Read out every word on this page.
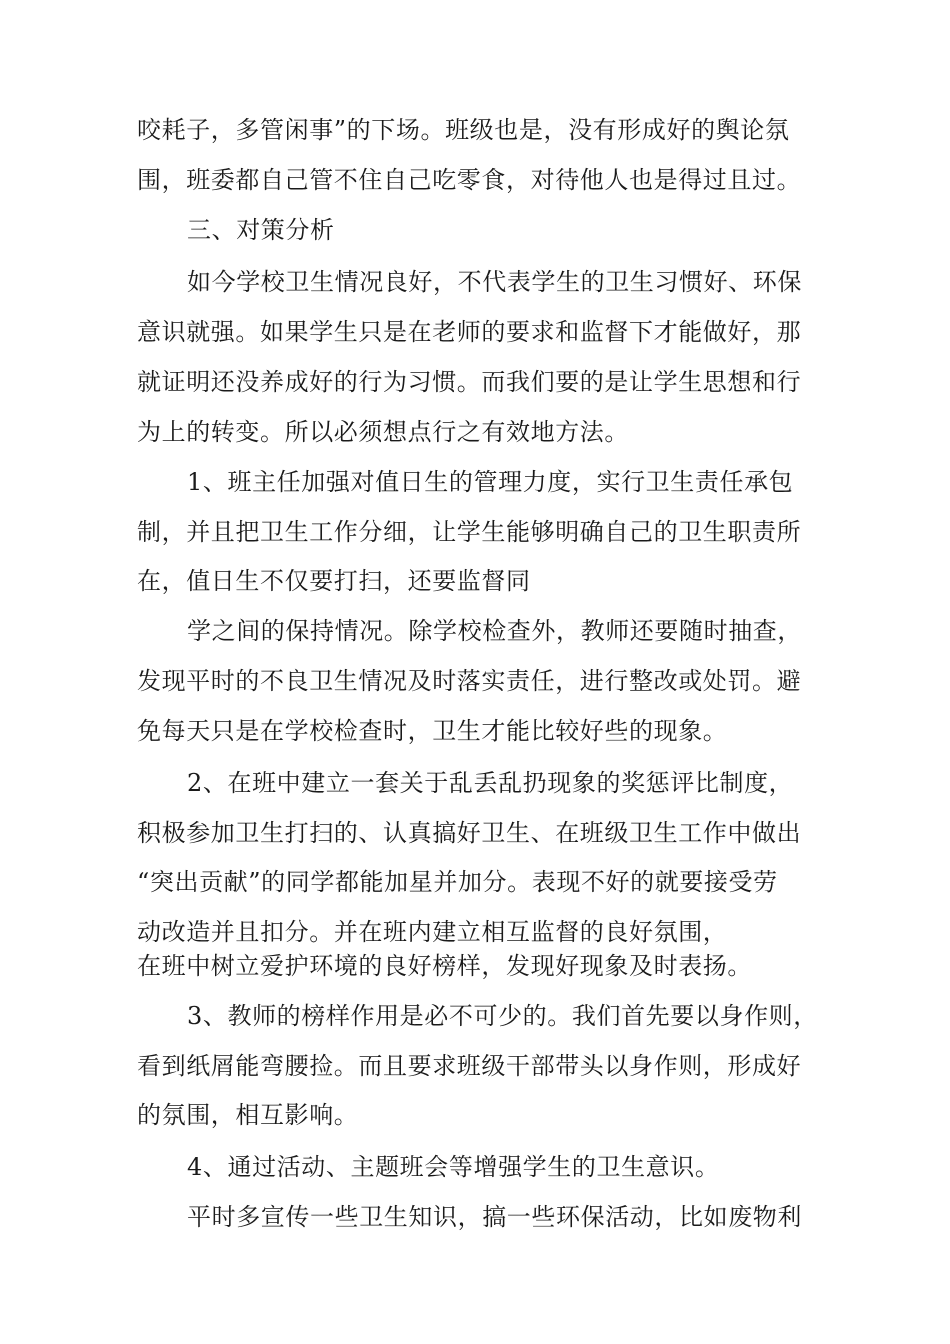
咬耗子，多管闲事”的下场。班级也是，没有形成好的舆论氛
围，班委都自己管不住自己吃零食，对待他人也是得过且过。
三、对策分析
如今学校卫生情况良好，不代表学生的卫生习惯好、环保
意识就强。如果学生只是在老师的要求和监督下才能做好，那
就证明还没养成好的行为习惯。而我们要的是让学生思想和行
为上的转变。所以必须想点行之有效地方法。
1、班主任加强对值日生的管理力度，实行卫生责任承包
制，并且把卫生工作分细，让学生能够明确自己的卫生职责所
在，值日生不仅要打扫，还要监督同
学之间的保持情况。除学校检查外，教师还要随时抽查，
发现平时的不良卫生情况及时落实责任，进行整改或处罚。避
免每天只是在学校检查时，卫生才能比较好些的现象。
2、在班中建立一套关于乱丢乱扔现象的奖惩评比制度，
积极参加卫生打扫的、认真搞好卫生、在班级卫生工作中做出
“突出贡献”的同学都能加星并加分。表现不好的就要接受劳
动改造并且扣分。并在班内建立相互监督的良好氛围，
在班中树立爱护环境的良好榜样，发现好现象及时表扬。
3、教师的榜样作用是必不可少的。我们首先要以身作则，
看到纸屑能弯腰捡。而且要求班级干部带头以身作则，形成好
的氛围，相互影响。
4、通过活动、主题班会等增强学生的卫生意识。
平时多宣传一些卫生知识，搞一些环保活动，比如废物利
